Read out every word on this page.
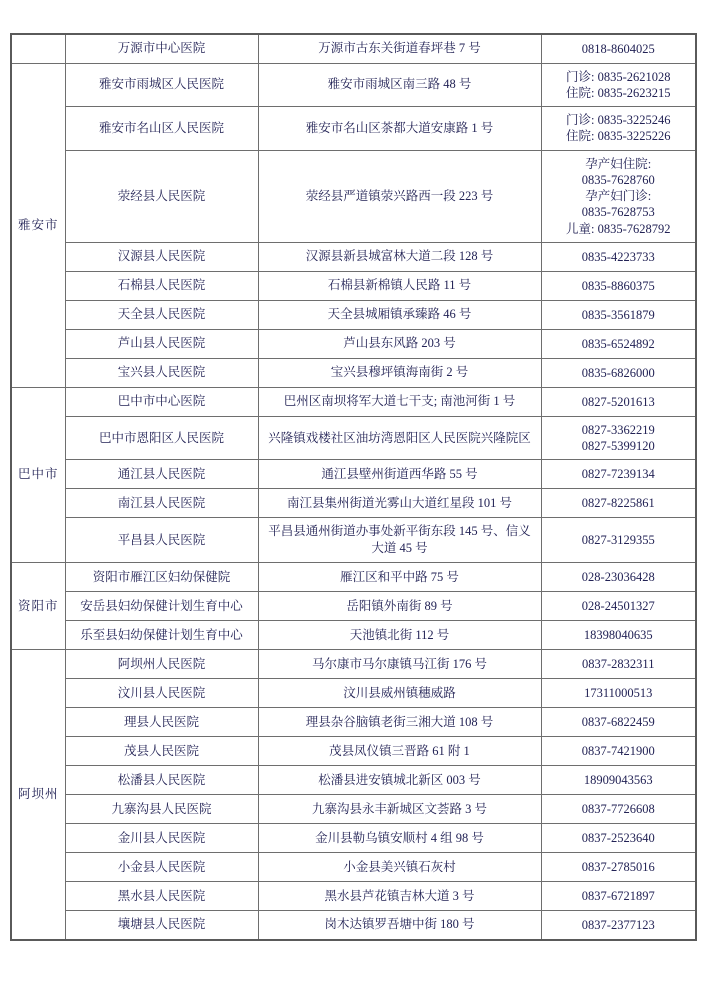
	万源市中心医院	万源市古东关街道春坪巷 7 号	0818-8604025

雅安市	雅安市雨城区人民医院	雅安市雨城区南三路 48 号	门诊: 0835-2621028
住院: 0835-2623215

	雅安市名山区人民医院	雅安市名山区茶都大道安康路 1 号	门诊: 0835-3225246
住院: 0835-3225226

	荥经县人民医院	荥经县严道镇荥兴路西一段 223 号	孕产妇住院:
0835-7628760
孕产妇门诊:
0835-7628753
儿童: 0835-7628792

	汉源县人民医院	汉源县新县城富林大道二段 128 号	0835-4223733

	石棉县人民医院	石棉县新棉镇人民路 11 号	0835-8860375

	天全县人民医院	天全县城厢镇承臻路 46 号	0835-3561879

	芦山县人民医院	芦山县东风路 203 号	0835-6524892

	宝兴县人民医院	宝兴县穆坪镇海南街 2 号	0835-6826000

巴中市	巴中市中心医院	巴州区南坝将军大道七干支; 南池河街 1 号	0827-5201613

	巴中市恩阳区人民医院	兴隆镇戏楼社区油坊湾恩阳区人民医院兴隆院区	0827-3362219
0827-5399120

	通江县人民医院	通江县壁州街道西华路 55 号	0827-7239134

	南江县人民医院	南江县集州街道光雾山大道红星段 101 号	0827-8225861

	平昌县人民医院	平昌县通州街道办事处新平街东段 145 号、信义大道 45 号	0827-3129355

资阳市	资阳市雁江区妇幼保健院	雁江区和平中路 75 号	028-23036428

	安岳县妇幼保健计划生育中心	岳阳镇外南街 89 号	028-24501327

	乐至县妇幼保健计划生育中心	天池镇北街 112 号	18398040635

阿坝州	阿坝州人民医院	马尔康市马尔康镇马江街 176 号	0837-2832311

	汶川县人民医院	汶川县威州镇穗威路	17311000513

	理县人民医院	理县杂谷脑镇老街三湘大道 108 号	0837-6822459

	茂县人民医院	茂县凤仪镇三晋路 61 附 1	0837-7421900

	松潘县人民医院	松潘县进安镇城北新区 003 号	18909043563

	九寨沟县人民医院	九寨沟县永丰新城区文荟路 3 号	0837-7726608

	金川县人民医院	金川县勒乌镇安顺村 4 组 98 号	0837-2523640

	小金县人民医院	小金县美兴镇石灰村	0837-2785016

	黑水县人民医院	黑水县芦花镇吉林大道 3 号	0837-6721897

	壤塘县人民医院	岗木达镇罗吾塘中街 180 号	0837-2377123
